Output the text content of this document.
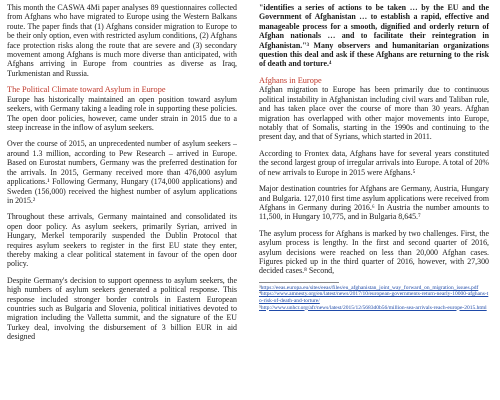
This month the CASWA 4Mi paper analyses 89 questionnaires collected from Afghans who have migrated to Europe using the Western Balkans route. The paper finds that (1) Afghans consider migration to Europe to be their only option, even with restricted asylum conditions, (2) Afghans face protection risks along the route that are severe and (3) secondary movement among Afghans is much more diverse than anticipated, with Afghans arriving in Europe from countries as diverse as Iraq, Turkmenistan and Russia.

The Political Climate toward Asylum in Europe

Europe has historically maintained an open position toward asylum seekers, with Germany taking a leading role in supporting these policies. The open door policies, however, came under strain in 2015 due to a steep increase in the inflow of asylum seekers.

Over the course of 2015, an unprecedented number of asylum seekers – around 1.3 million, according to Pew Research – arrived in Europe. Based on Eurostat numbers, Germany was the preferred destination for the arrivals. In 2015, Germany received more than 476,000 asylum applications.¹ Following Germany, Hungary (174,000 applications) and Sweden (156,000) received the highest number of asylum applications in 2015.²

Throughout these arrivals, Germany maintained and consolidated its open door policy. As asylum seekers, primarily Syrian, arrived in Hungary, Merkel temporarily suspended the Dublin Protocol that requires asylum seekers to register in the first EU state they enter, thereby making a clear political statement in favour of the open door policy.

Despite Germany's decision to support openness to asylum seekers, the high numbers of asylum seekers generated a political response. This response included stronger border controls in Eastern European countries such as Bulgaria and Slovenia, political initiatives devoted to migration including the Valletta summit, and the signature of the EU Turkey deal, involving the disbursement of 3 billion EUR in aid designed

"identifies a series of actions to be taken … by the EU and the Government of Afghanistan … to establish a rapid, effective and manageable process for a smooth, dignified and orderly return of Afghan nationals … and to facilitate their reintegration in Afghanistan."³ Many observers and humanitarian organizations question this deal and ask if these Afghans are returning to the risk of death and torture.⁴

Afghans in Europe

Afghan migration to Europe has been primarily due to continuous political instability in Afghanistan including civil wars and Taliban rule, and has taken place over the course of more than 30 years. Afghan migration has overlapped with other major movements into Europe, notably that of Somalis, starting in the 1990s and continuing to the present day, and that of Syrians, which started in 2011.

According to Frontex data, Afghans have for several years constituted the second largest group of irregular arrivals into Europe. A total of 20% of new arrivals to Europe in 2015 were Afghans.⁵

Major destination countries for Afghans are Germany, Austria, Hungary and Bulgaria. 127,010 first time asylum applications were received from Afghans in Germany during 2016.⁶ In Austria the number amounts to 11,500, in Hungary 10,775, and in Bulgaria 8,645.⁷

The asylum process for Afghans is marked by two challenges. First, the asylum process is lengthy. In the first and second quarter of 2016, asylum decisions were reached on less than 20,000 Afghan cases. Figures picked up in the third quarter of 2016, however, with 27,300 decided cases.⁸ Second,

³https://eeas.europa.eu/sites/eeas/files/eu_afghanistan_joint_way_forward_on_migration_issues.pdf
⁴https://www.amnesty.org/en/latest/news/2017/10/european-governments-return-nearly-10000-afghans-to-risk-of-death-and-torture/
⁵http://www.unhcr.org/afr/news/latest/2015/12/5683d0b56/million-sea-arrivals-reach-europe-2015.html
